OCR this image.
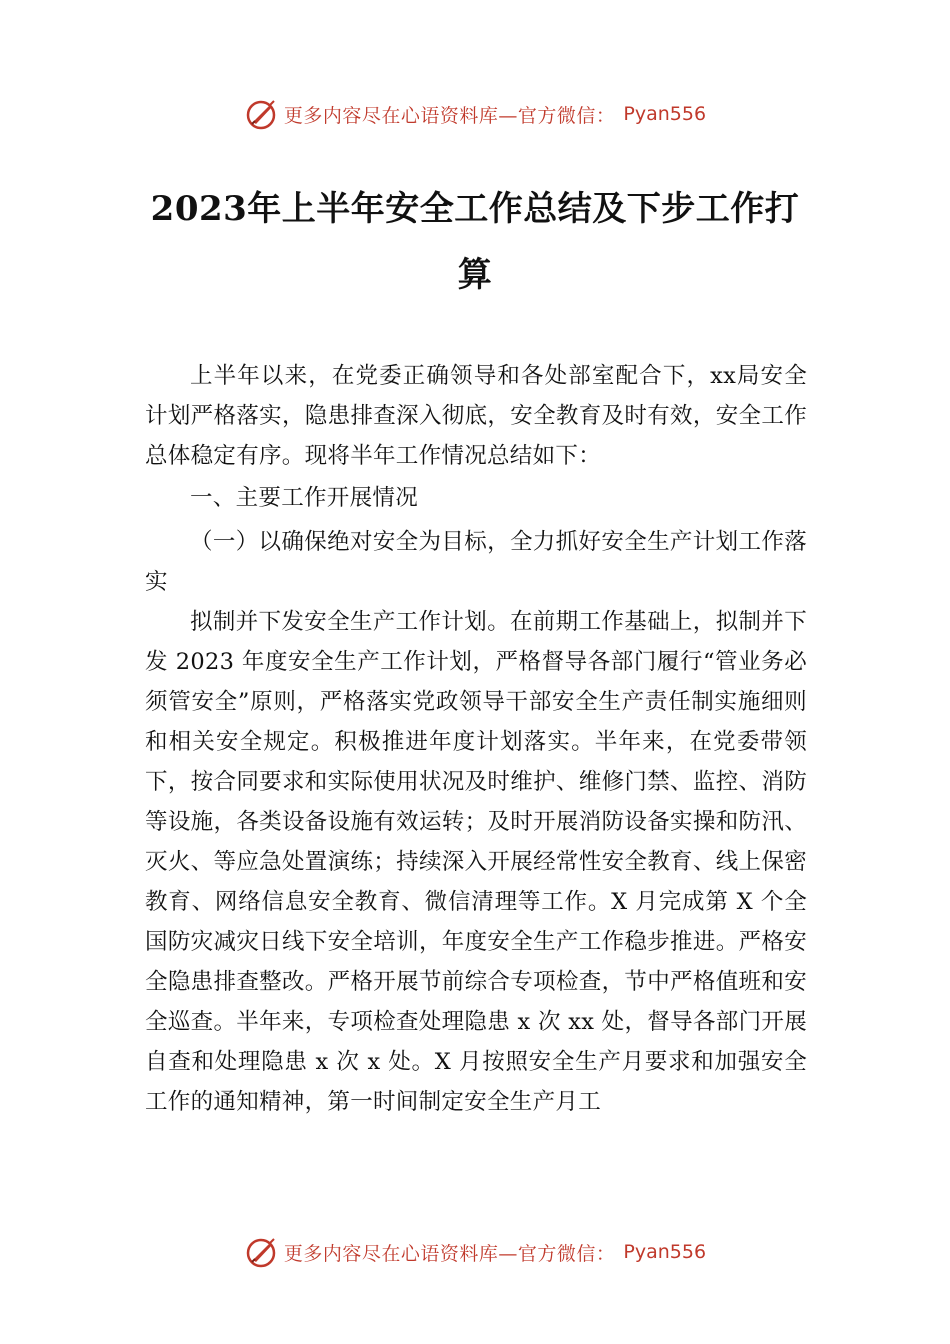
更多内容尽在心语资料库—官方微信： Pyan556
2023年上半年安全工作总结及下步工作打算

上半年以来，在党委正确领导和各处部室配合下，xx局安全计划严格落实，隐患排查深入彻底，安全教育及时有效，安全工作总体稳定有序。现将半年工作情况总结如下：

一、主要工作开展情况

（一）以确保绝对安全为目标，全力抓好安全生产计划工作落实

拟制并下发安全生产工作计划。在前期工作基础上，拟制并下发 2023 年度安全生产工作计划，严格督导各部门履行“管业务必须管安全”原则，严格落实党政领导干部安全生产责任制实施细则和相关安全规定。积极推进年度计划落实。半年来，在党委带领下，按合同要求和实际使用状况及时维护、维修门禁、监控、消防等设施，各类设备设施有效运转；及时开展消防设备实操和防汛、灭火、等应急处置演练；持续深入开展经常性安全教育、线上保密教育、网络信息安全教育、微信清理等工作。X 月完成第 X 个全国防灾减灾日线下安全培训，年度安全生产工作稳步推进。严格安全隐患排查整改。严格开展节前综合专项检查，节中严格值班和安全巡查。半年来，专项检查处理隐患 x 次 xx 处，督导各部门开展自查和处理隐患 x 次 x 处。X 月按照安全生产月要求和加强安全工作的通知精神，第一时间制定安全生产月工

更多内容尽在心语资料库—官方微信： Pyan556
